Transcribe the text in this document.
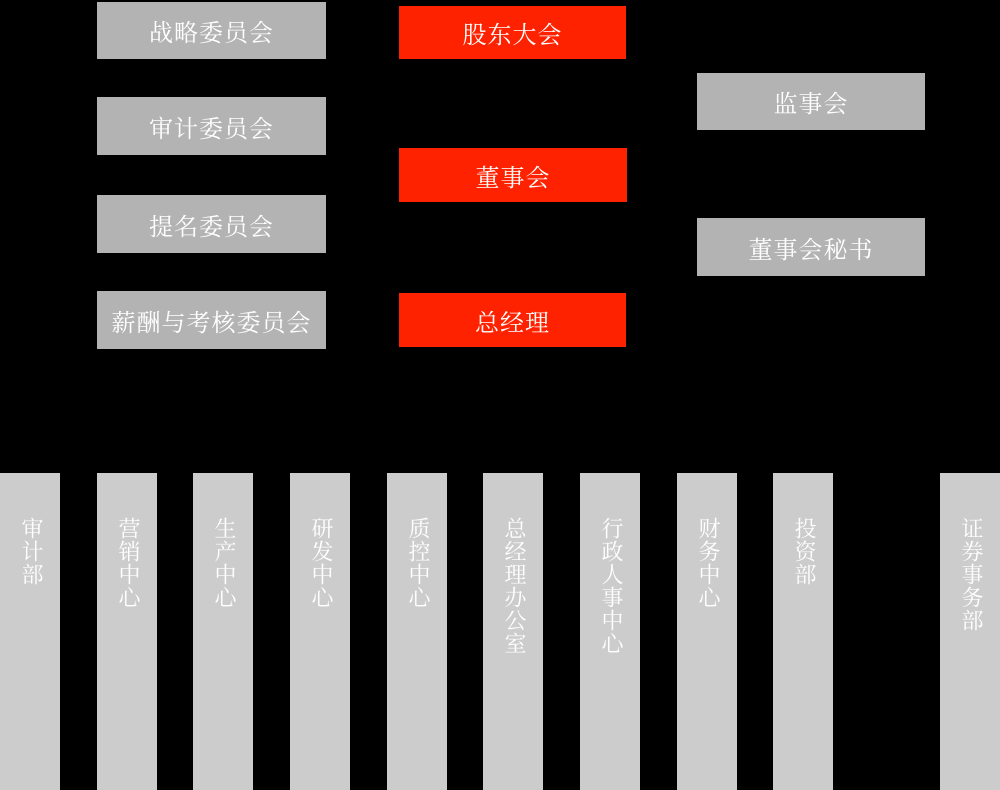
战略委员会
审计委员会
提名委员会
薪酬与考核委员会
股东大会
董事会
总经理
监事会
董事会秘书
审计部	营销中心	生产中心	研发中心	质控中心	总经理办公室	行政人事中心	财务中心	投资部	证券事务部
